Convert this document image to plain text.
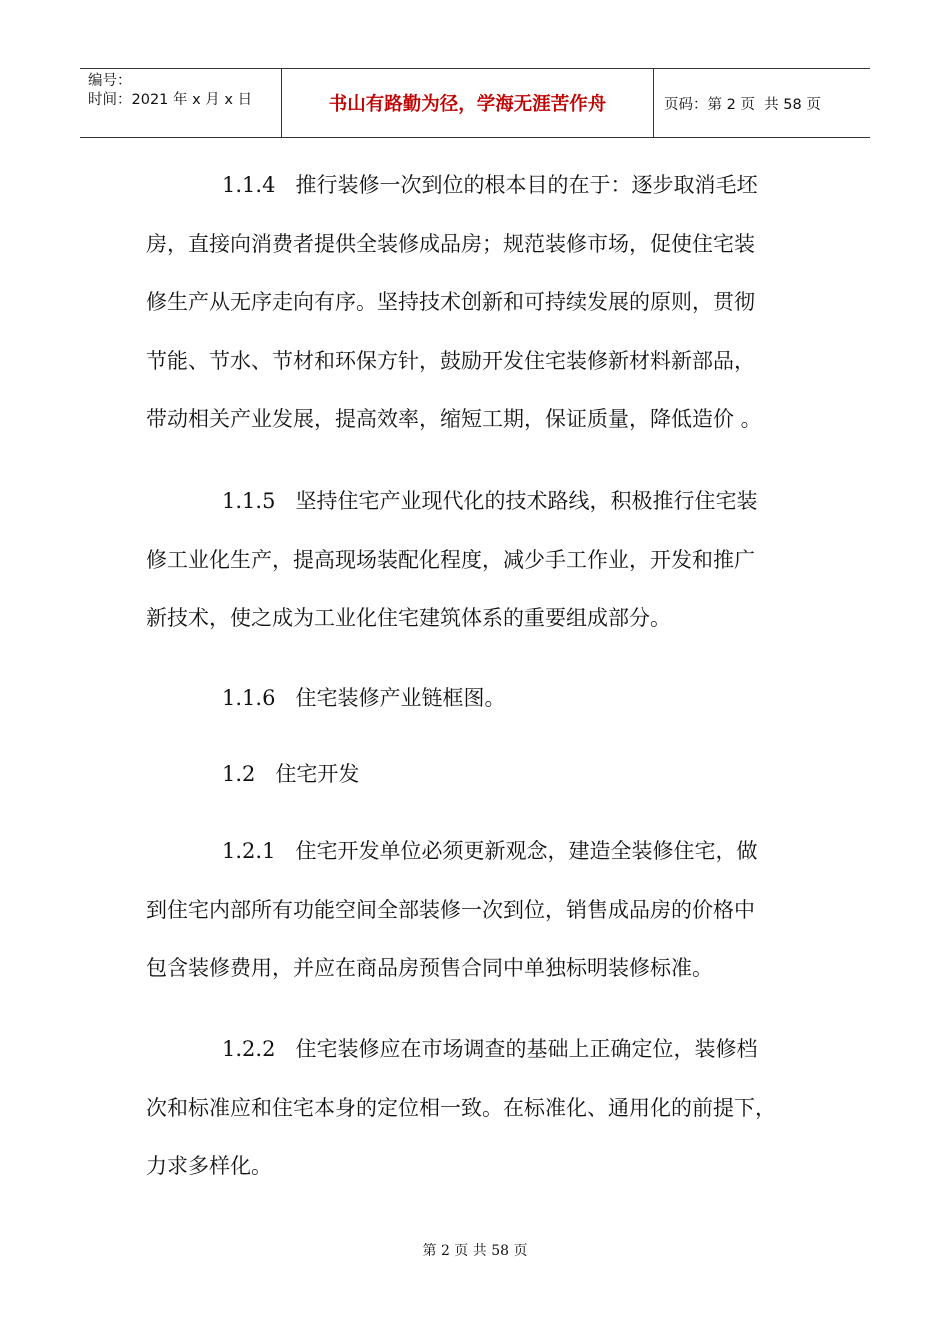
编号：
时间：2021 年 x 月 x 日	书山有路勤为径，学海无涯苦作舟	页码：第 2 页  共 58 页
1.1.4 推行装修一次到位的根本目的在于：逐步取消毛坯
房，直接向消费者提供全装修成品房；规范装修市场，促使住宅装
修生产从无序走向有序。坚持技术创新和可持续发展的原则，贯彻
节能、节水、节材和环保方针，鼓励开发住宅装修新材料新部品，
带动相关产业发展，提高效率，缩短工期，保证质量，降低造价 。
1.1.5 坚持住宅产业现代化的技术路线，积极推行住宅装
修工业化生产，提高现场装配化程度，减少手工作业，开发和推广
新技术，使之成为工业化住宅建筑体系的重要组成部分。
1.1.6 住宅装修产业链框图。
1.2 住宅开发
1.2.1 住宅开发单位必须更新观念，建造全装修住宅，做
到住宅内部所有功能空间全部装修一次到位，销售成品房的价格中
包含装修费用，并应在商品房预售合同中单独标明装修标准。
1.2.2 住宅装修应在市场调查的基础上正确定位，装修档
次和标准应和住宅本身的定位相一致。在标准化、通用化的前提下，
力求多样化。
第 2 页 共 58 页
